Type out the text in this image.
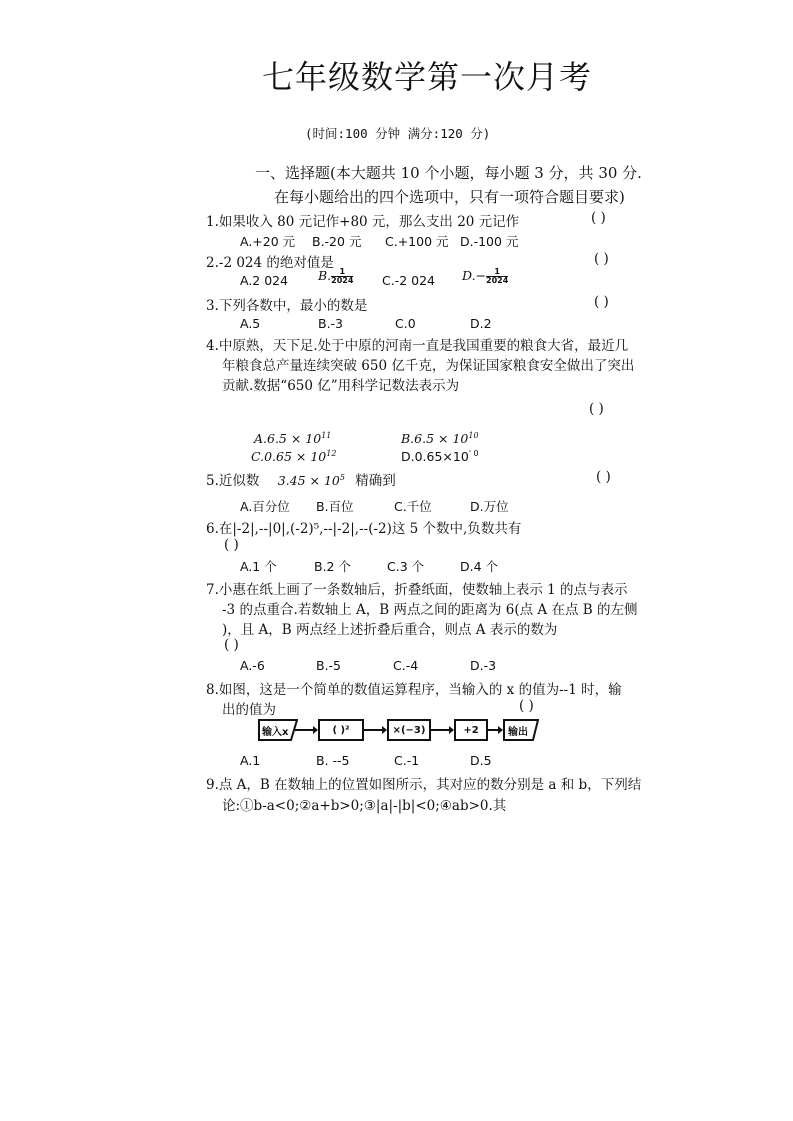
七年级数学第一次月考
(时间:100 分钟 满分:120 分)
一、选择题(本大题共 10 个小题，每小题 3 分，共 30 分.
在每小题给出的四个选项中，只有一项符合题目要求)
1.如果收入 80 元记作+80 元，那么支出 20 元记作	( )
A.+20 元 B.-20 元 C.+100 元 D.-100 元
2.-2 024 的绝对值是	( )
A.2 024 B. $\frac{1}{2024} C.-2$ 024 $D.- \frac{1}{2024}$
3.下列各数中，最小的数是	( )
A.5	B.-3	C.0	D.2
4.中原熟，天下足.处于中原的河南一直是我国重要的粮食大省，最近几
年粮食总产量连续突破 650 亿千克，为保证国家粮食安全做出了突出
贡献.数据“650 亿”用科学记数法表示为
( )
$A.6.5 \times 10^{11}$	$B.6.5 \times 10^{10}$
$C.0.65 \times 10^{12}$	$D.0.65\times 10^{' 0}$
5.近似数 $3.45 \times 10^5$ 精确到	( )
A.百分位 B.百位	C.千位	D.万位
6.在|-2|,--|0|,(-2)⁵,--|-2|,--(-2)这 5 个数中,负数共有
( )
A.1 个	B.2 个	C.3 个	D.4 个
7.小惠在纸上画了一条数轴后，折叠纸面，使数轴上表示 1 的点与表示
-3 的点重合.若数轴上 A，B 两点之间的距离为 6(点 A 在点 B 的左侧
)，且 A，B 两点经上述折叠后重合，则点 A 表示的数为
( )
A.-6	B.-5	C.-4	D.-3
8.如图，这是一个简单的数值运算程序，当输入的 x 的值为--1 时，输
出的值为	( )
输入x	( )²	×(−3)	+2	输出
A.1	B. --5	C.-1	D.5
9.点 A，B 在数轴上的位置如图所示，其对应的数分别是 a 和 b，下列结
论:①b-a<0;②a+b>0;③|a|-|b|<0;④ab>0.其
